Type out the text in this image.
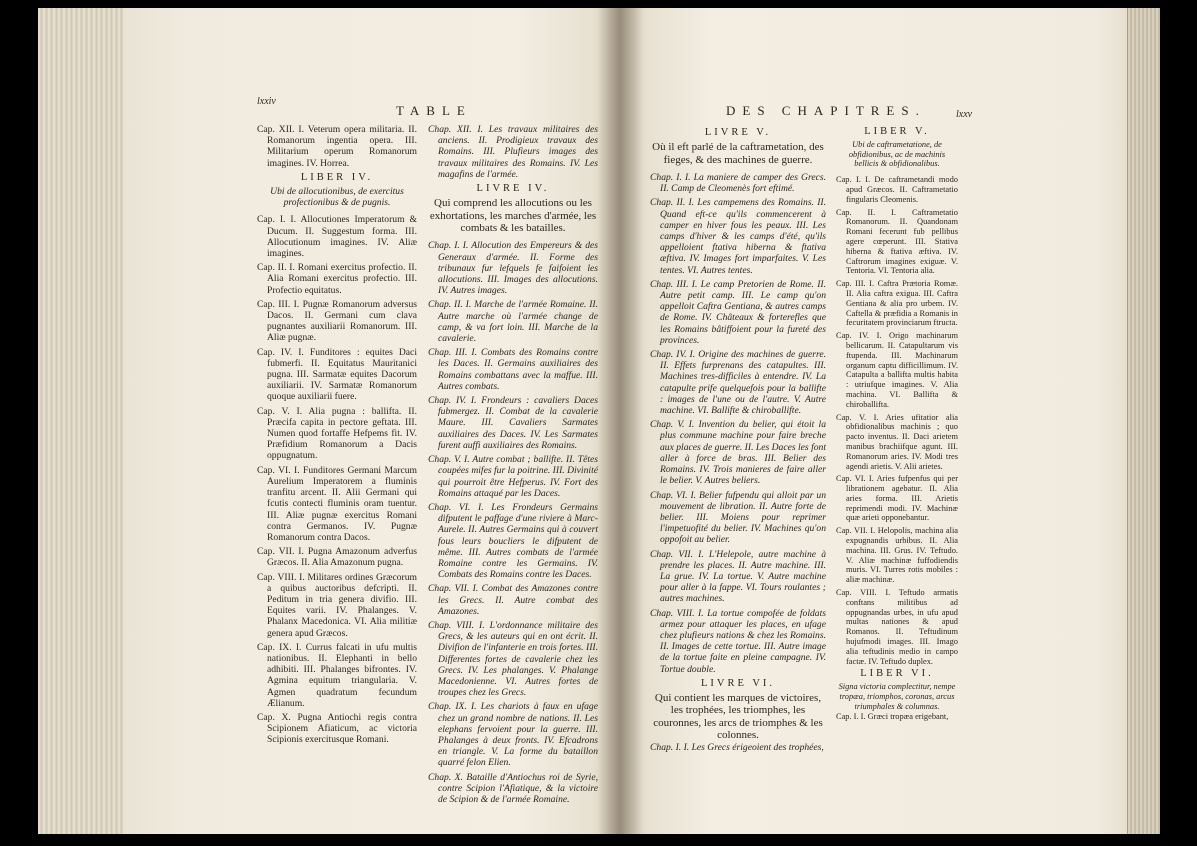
lxxiv
TABLE
Cap. XII. I. Veterum opera militaria. II. Romanorum ingentia opera. III. Militarium operum Romanorum imagines. IV. Horrea.
LIBER IV.
Ubi de allocutionibus, de exercitus profectionibus & de pugnis.
Cap. I. I. Allocutiones Imperatorum & Ducum. II. Suggestum forma. III. Allocutionum imagines. IV. Aliæ imagines.
Cap. II. I. Romani exercitus profectio. II. Alia Romani exercitus profectio. III. Profectio equitatus.
Cap. III. I. Pugnæ Romanorum adversus Dacos. II. Germani cum clava pugnantes auxiliarii Romanorum. III. Aliæ pugnæ.
Cap. IV. I. Funditores : equites Daci fubmerfi. II. Equitatus Mauritanici pugna. III. Sarmatæ equites Dacorum auxiliarii. IV. Sarmatæ Romanorum quoque auxiliarii fuere.
Cap. V. I. Alia pugna : ballifta. II. Præcifa capita in pectore geftata. III. Numen quod fortaffe Hefpems fit. IV. Præfidium Romanorum a Dacis oppugnatum.
Cap. VI. I. Funditores Germani Marcum Aurelium Imperatorem a fluminis tranfitu arcent. II. Alii Germani qui fcutis contecti fluminis oram tuentur. III. Aliæ pugnæ exercitus Romani contra Germanos. IV. Pugnæ Romanorum contra Dacos.
Cap. VII. I. Pugna Amazonum adverfus Græcos. II. Alia Amazonum pugna.
Cap. VIII. I. Militares ordines Græcorum a quibus auctoribus defcripti. II. Peditum in tria genera divifio. III. Equites varii. IV. Phalanges. V. Phalanx Macedonica. VI. Alia militiæ genera apud Græcos.
Cap. IX. I. Currus falcati in ufu multis nationibus. II. Elephanti in bello adhibiti. III. Phalanges bifrontes. IV. Agmina equitum triangularia. V. Agmen quadratum fecundum Ælianum.
Cap. X. Pugna Antiochi regis contra Scipionem Afiaticum, ac victoria Scipionis exercitusque Romani.
Chap. XII. I. Les travaux militaires des anciens. II. Prodigieux travaux des Romains. III. Plufieurs images des travaux militaires des Romains. IV. Les magafins de l'armée.
LIVRE IV.
Qui comprend les allocutions ou les exhortations, les marches d'armée, les combats & les batailles.
Chap. I. I. Allocution des Empereurs & des Generaux d'armée. II. Forme des tribunaux fur lefquels fe faifoient les allocutions. III. Images des allocutions. IV. Autres images.
Chap. II. I. Marche de l'armée Romaine. II. Autre marche où l'armée change de camp, & va fort loin. III. Marche de la cavalerie.
Chap. III. I. Combats des Romains contre les Daces. II. Germains auxiliaires des Romains combattans avec la maffue. III. Autres combats.
Chap. IV. I. Frondeurs : cavaliers Daces fubmergez. II. Combat de la cavalerie Maure. III. Cavaliers Sarmates auxiliaires des Daces. IV. Les Sarmates furent auffi auxiliaires des Romains.
Chap. V. I. Autre combat ; ballifte. II. Têtes coupées mifes fur la poitrine. III. Divinité qui pourroit être Hefperus. IV. Fort des Romains attaqué par les Daces.
Chap. VI. I. Les Frondeurs Germains difputent le paffage d'une riviere à Marc-Aurele. II. Autres Germains qui à couvert fous leurs boucliers le difputent de même. III. Autres combats de l'armée Romaine contre les Germains. IV. Combats des Romains contre les Daces.
Chap. VII. I. Combat des Amazones contre les Grecs. II. Autre combat des Amazones.
Chap. VIII. I. L'ordonnance militaire des Grecs, & les auteurs qui en ont écrit. II. Divifion de l'infanterie en trois fortes. III. Differentes fortes de cavalerie chez les Grecs. IV. Les phalanges. V. Phalange Macedonienne. VI. Autres fortes de troupes chez les Grecs.
Chap. IX. I. Les chariots à faux en ufage chez un grand nombre de nations. II. Les elephans fervoient pour la guerre. III. Phalanges à deux fronts. IV. Efcadrons en triangle. V. La forme du bataillon quarré felon Elien.
Chap. X. Bataille d'Antiochus roi de Syrie, contre Scipion l'Afiatique, & la victoire de Scipion & de l'armée Romaine.
DES CHAPITRES.	lxxv
LIVRE V.
Où il eft parlé de la caftrametation, des fieges, & des machines de guerre.
Chap. I. I. La maniere de camper des Grecs. II. Camp de Cleomenès fort eftimé.
Chap. II. I. Les campemens des Romains. II. Quand eft-ce qu'ils commencerent à camper en hiver fous les peaux. III. Les camps d'hiver & les camps d'été, qu'ils appelloient ftativa hiberna & ftativa æftiva. IV. Images fort imparfaites. V. Les tentes. VI. Autres tentes.
Chap. III. I. Le camp Pretorien de Rome. II. Autre petit camp. III. Le camp qu'on appelloit Caftra Gentiana, & autres camps de Rome. IV. Châteaux & forterefles que les Romains bâtiffoient pour la fureté des provinces.
Chap. IV. I. Origine des machines de guerre. II. Effets furprenans des catapultes. III. Machines tres-difficiles à entendre. IV. La catapulte prife quelquefois pour la ballifte : images de l'une ou de l'autre. V. Autre machine. VI. Ballifte & chiroballifte.
Chap. V. I. Invention du belier, qui étoit la plus commune machine pour faire breche aux places de guerre. II. Les Daces les font aller à force de bras. III. Belier des Romains. IV. Trois manieres de faire aller le belier. V. Autres beliers.
Chap. VI. I. Belier fufpendu qui alloit par un mouvement de libration. II. Autre forte de belier. III. Moiens pour reprimer l'impetuofité du belier. IV. Machines qu'on oppofoit au belier.
Chap. VII. I. L'Helepole, autre machine à prendre les places. II. Autre machine. III. La grue. IV. La tortue. V. Autre machine pour aller à la fappe. VI. Tours roulantes ; autres machines.
Chap. VIII. I. La tortue compofée de foldats armez pour attaquer les places, en ufage chez plufieurs nations & chez les Romains. II. Images de cette tortue. III. Autre image de la tortue faite en pleine campagne. IV. Tortue double.
LIVRE VI.
Qui contient les marques de victoires, les trophées, les triomphes, les couronnes, les arcs de triomphes & les colonnes.
Chap. I. I. Les Grecs érigeoient des trophées,
LIBER V.
Ubi de caftrametatione, de obfidionibus, ac de machinis bellicis & obfidionalibus.
Cap. I. I. De caftrametandi modo apud Græcos. II. Caftrametatio fingularis Cleomenis.
Cap. II. I. Caftrametatio Romanorum. II. Quandonam Romani fecerunt fub pellibus agere cœperunt. III. Stativa hiberna & ftativa æftiva. IV. Caftrorum imagines exiguæ. V. Tentoria. VI. Tentoria alia.
Cap. III. I. Caftra Prætoria Romæ. II. Alia caftra exigua. III. Caftra Gentiana & alia pro urbem. IV. Caftella & præfidia a Romanis in fecuritatem provinciarum ftructa.
Cap. IV. I. Origo machinarum bellicarum. II. Catapultarum vis ftupenda. III. Machinarum organum captu difficillimum. IV. Catapulta a ballifta multis habita : utriufque imagines. V. Alia machina. VI. Ballifta & chiroballifta.
Cap. V. I. Aries ufitatior alia obfidionalibus machinis ; quo pacto inventus. II. Daci arietem manibus brachiifque agunt. III. Romanorum aries. IV. Modi tres agendi arietis. V. Alii arietes.
Cap. VI. I. Aries fufpenfus qui per librationem agebatur. II. Alia aries forma. III. Arietis reprimendi modi. IV. Machinæ quæ arieti opponebantur.
Cap. VII. I. Helopolis, machina alia expugnandis urbibus. II. Alia machina. III. Grus. IV. Teftudo. V. Aliæ machinæ fuffodiendis muris. VI. Turres rotis mobiles : aliæ machinæ.
Cap. VIII. I. Teftudo armatis conftans militibus ad oppugnandas urbes, in ufu apud multas nationes & apud Romanos. II. Teftudinum hujufmodi images. III. Imago alia teftudinis medio in campo factæ. IV. Teftudo duplex.
LIBER VI.
Signa victoria complectitur, nempe tropæa, triomphos, coronas, arcus triumphales & columnas.
Cap. I. I. Græci tropæa erigebant,
